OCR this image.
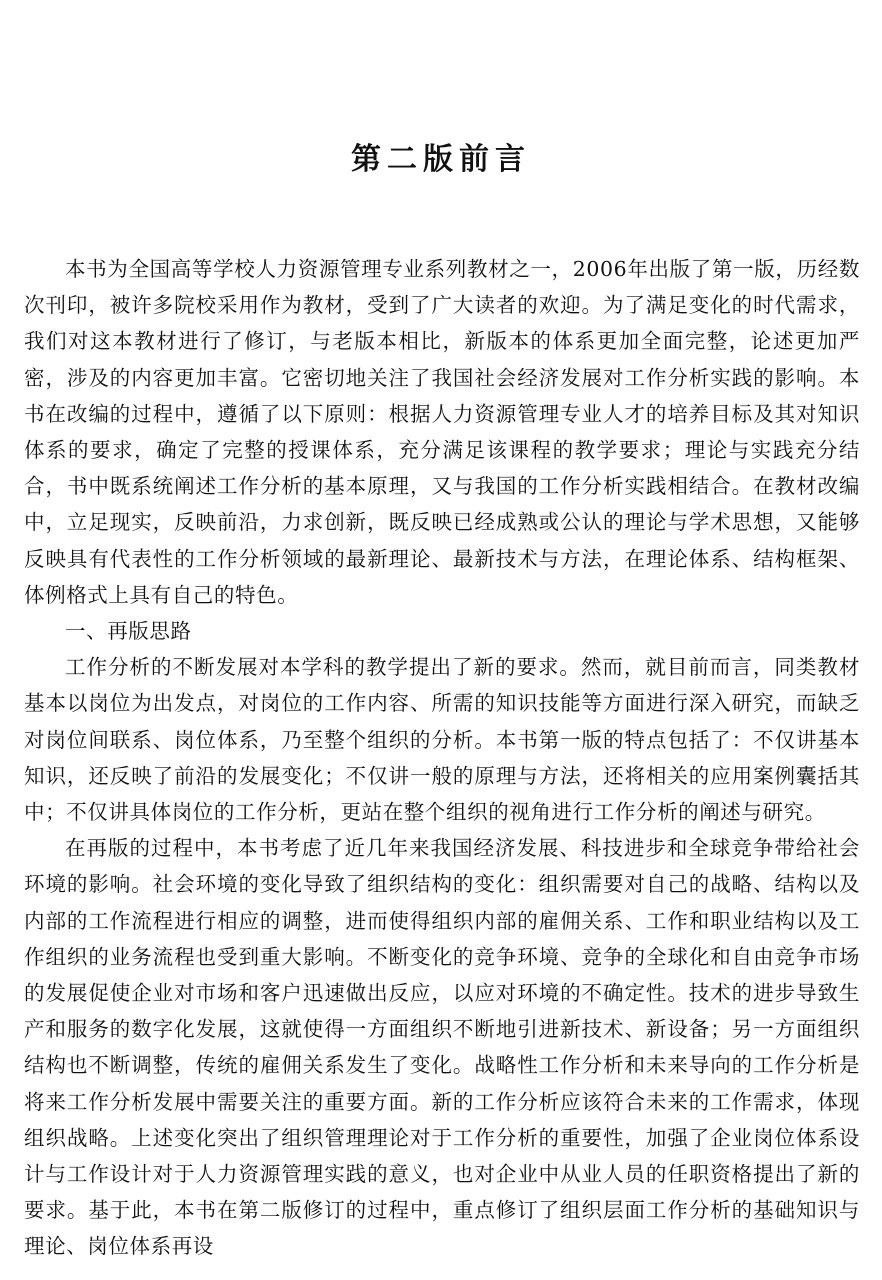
第二版前言

本书为全国高等学校人力资源管理专业系列教材之一，2006年出版了第一版，历经数次刊印，被许多院校采用作为教材，受到了广大读者的欢迎。为了满足变化的时代需求，我们对这本教材进行了修订，与老版本相比，新版本的体系更加全面完整，论述更加严密，涉及的内容更加丰富。它密切地关注了我国社会经济发展对工作分析实践的影响。本书在改编的过程中，遵循了以下原则：根据人力资源管理专业人才的培养目标及其对知识体系的要求，确定了完整的授课体系，充分满足该课程的教学要求；理论与实践充分结合，书中既系统阐述工作分析的基本原理，又与我国的工作分析实践相结合。在教材改编中，立足现实，反映前沿，力求创新，既反映已经成熟或公认的理论与学术思想，又能够反映具有代表性的工作分析领域的最新理论、最新技术与方法，在理论体系、结构框架、体例格式上具有自己的特色。

一、再版思路

工作分析的不断发展对本学科的教学提出了新的要求。然而，就目前而言，同类教材基本以岗位为出发点，对岗位的工作内容、所需的知识技能等方面进行深入研究，而缺乏对岗位间联系、岗位体系，乃至整个组织的分析。本书第一版的特点包括了：不仅讲基本知识，还反映了前沿的发展变化；不仅讲一般的原理与方法，还将相关的应用案例囊括其中；不仅讲具体岗位的工作分析，更站在整个组织的视角进行工作分析的阐述与研究。

在再版的过程中，本书考虑了近几年来我国经济发展、科技进步和全球竞争带给社会环境的影响。社会环境的变化导致了组织结构的变化：组织需要对自己的战略、结构以及内部的工作流程进行相应的调整，进而使得组织内部的雇佣关系、工作和职业结构以及工作组织的业务流程也受到重大影响。不断变化的竞争环境、竞争的全球化和自由竞争市场的发展促使企业对市场和客户迅速做出反应，以应对环境的不确定性。技术的进步导致生产和服务的数字化发展，这就使得一方面组织不断地引进新技术、新设备；另一方面组织结构也不断调整，传统的雇佣关系发生了变化。战略性工作分析和未来导向的工作分析是将来工作分析发展中需要关注的重要方面。新的工作分析应该符合未来的工作需求，体现组织战略。上述变化突出了组织管理理论对于工作分析的重要性，加强了企业岗位体系设计与工作设计对于人力资源管理实践的意义，也对企业中从业人员的任职资格提出了新的要求。基于此，本书在第二版修订的过程中，重点修订了组织层面工作分析的基础知识与理论、岗位体系再设
